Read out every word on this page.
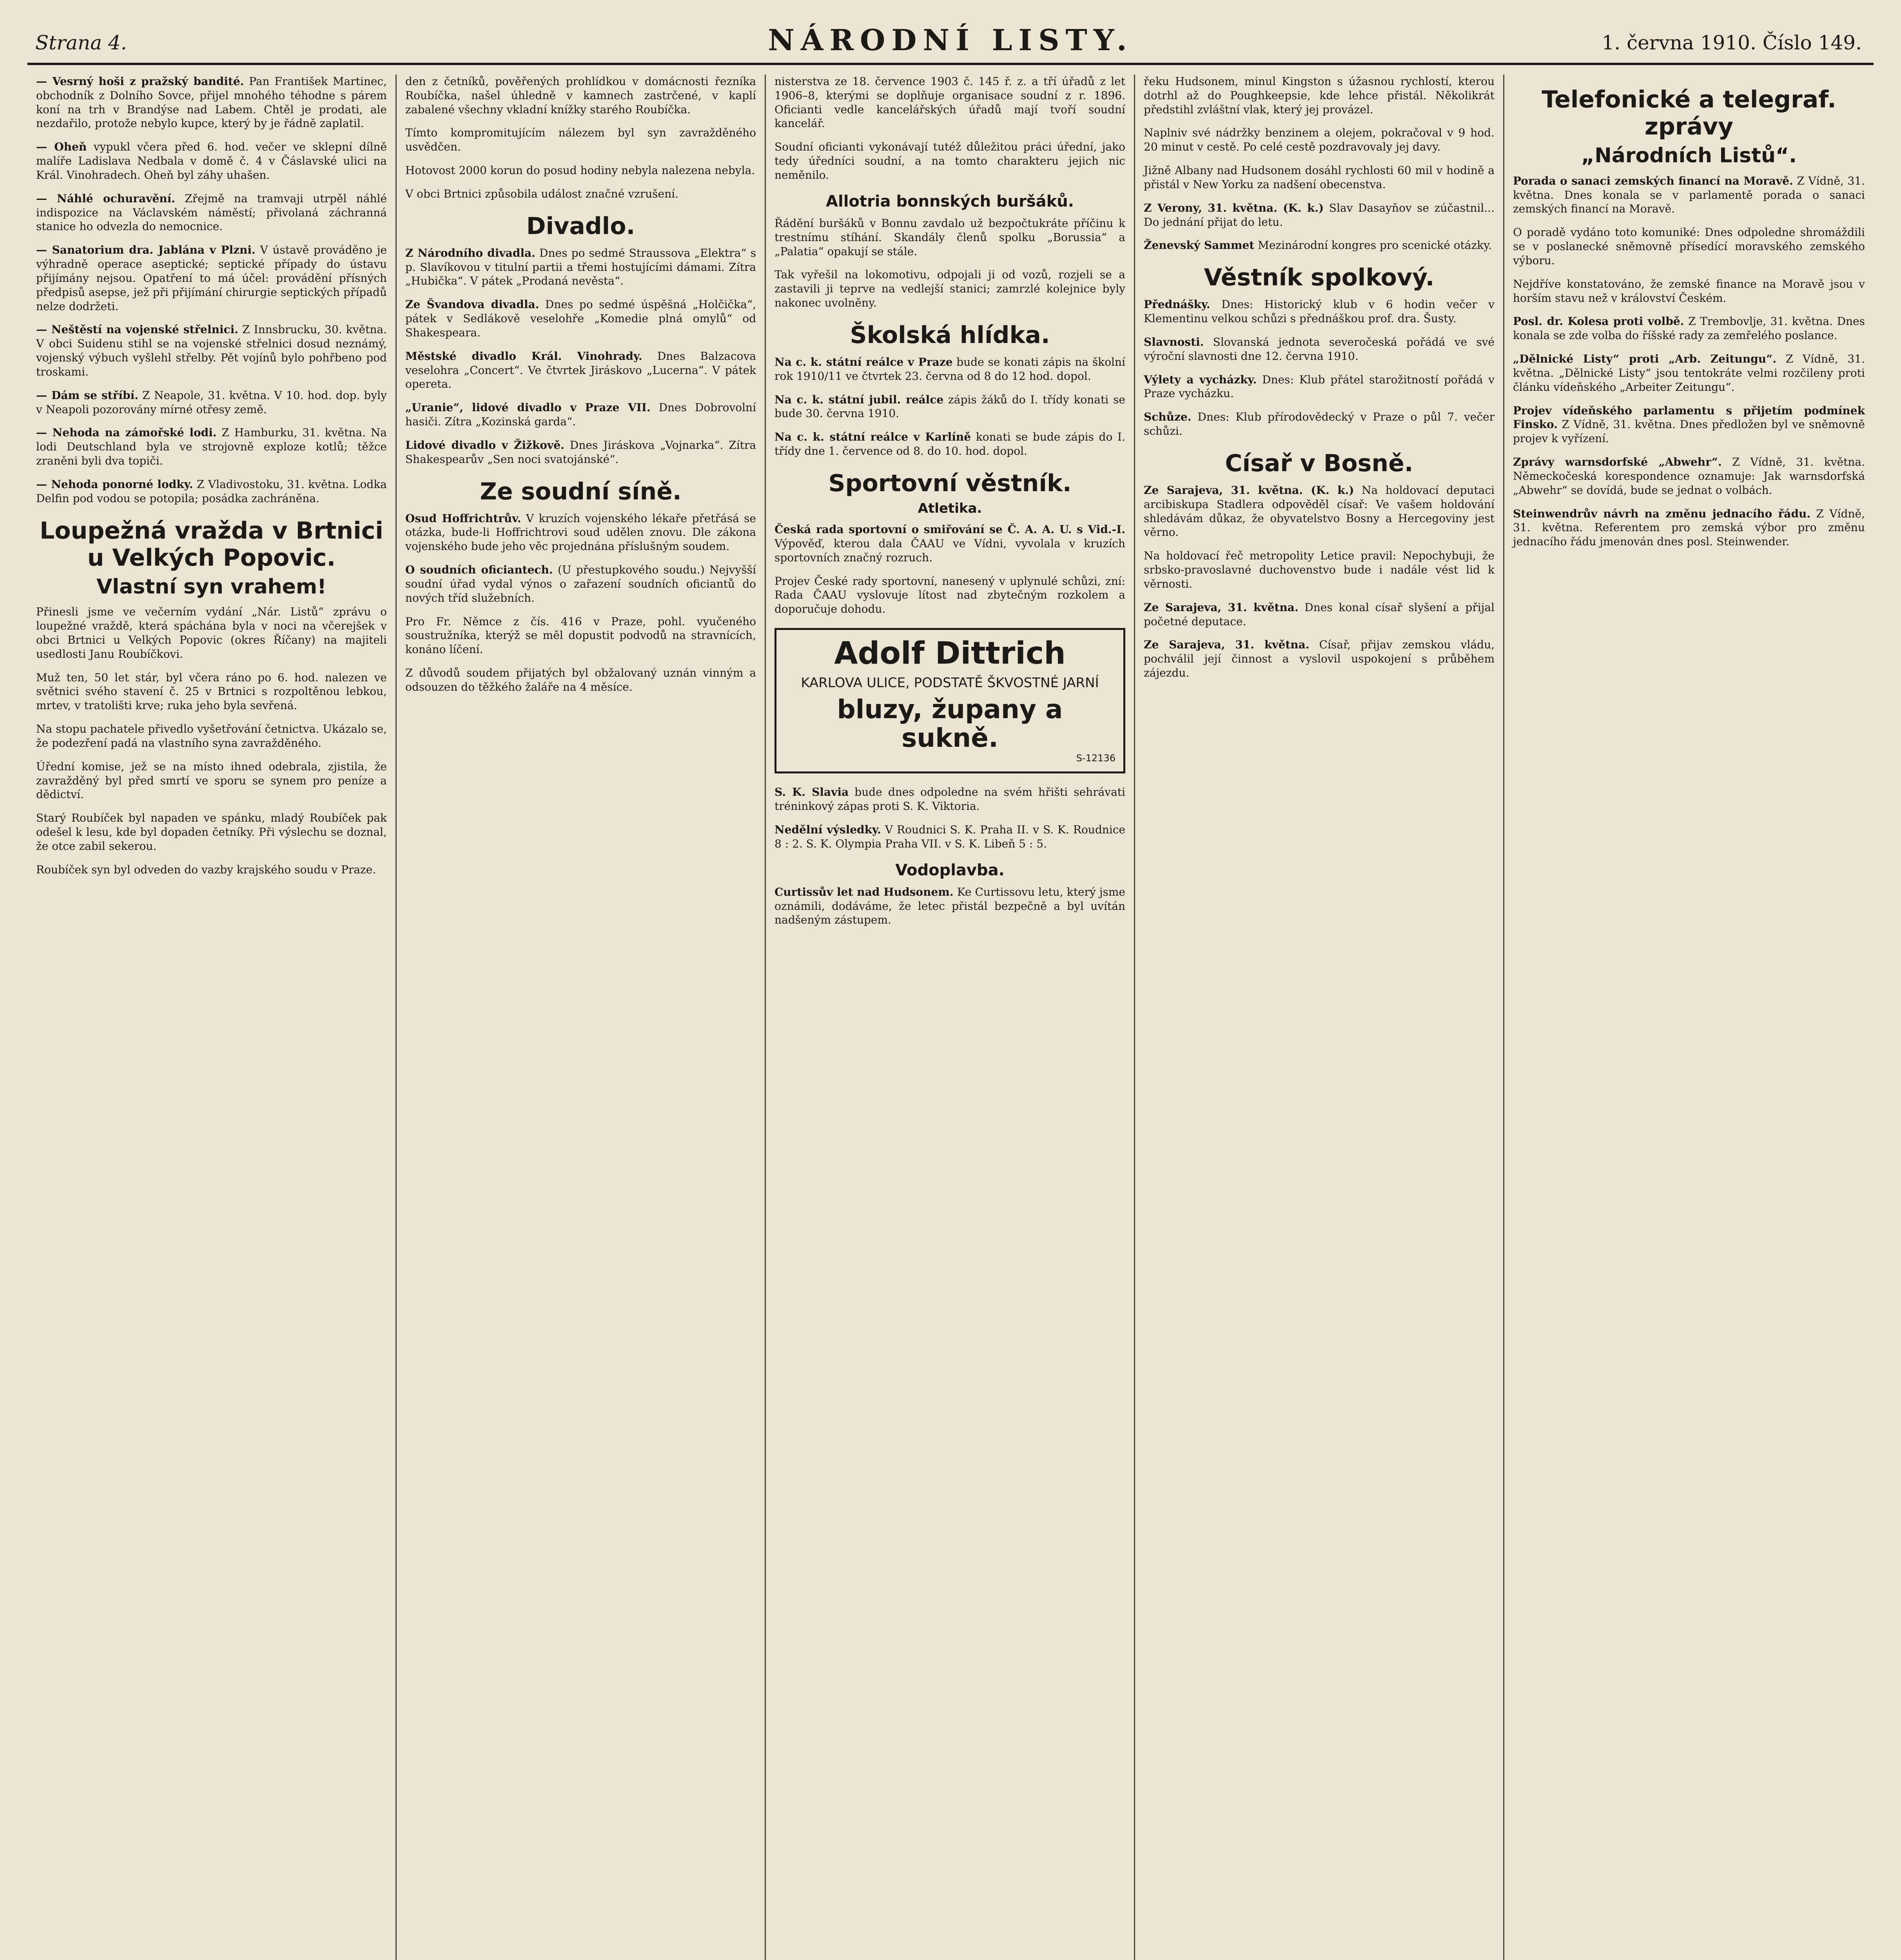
Strana 4.	NÁRODNÍ LISTY.	1. června 1910. Číslo 149.

— Vesrný hoši z pražský bandité. Pan František Martinec, obchodník z Dolního Sovce, přijel mnohého téhodne s párem koní na trh v Brandýse nad Labem. Chtěl je prodati, ale nezdařilo, protože nebylo kupce, který by je řádně zaplatil.

— Oheň vypukl včera před 6. hod. večer ve sklepní dílně malíře Ladislava Nedbala v domě č. 4 v Čáslavské ulici na Král. Vinohradech. Oheň byl záhy uhašen.

— Náhlé ochuravění. Zřejmě na tramvaji utrpěl náhlé indispozice na Václavském náměstí; přivolaná záchranná stanice ho odvezla do nemocnice.

— Sanatorium dra. Jablána v Plzni. V ústavě prováděno je výhradně operace aseptické; septické případy do ústavu přijímány nejsou. Opatření to má účel: provádění přísných předpisů asepse, jež při přijímání chirurgie septických případů nelze dodržeti.

— Neštěstí na vojenské střelnici. Z Innsbrucku, 30. května. V obci Suidenu stihl se na vojenské střelnici dosud neznámý, vojenský výbuch vyšlehl střelby. Pět vojínů bylo pohřbeno pod troskami.

— Dám se stříbí. Z Neapole, 31. května. V 10. hod. dop. byly v Neapoli pozorovány mírné otřesy země.

— Nehoda na zámořské lodi. Z Hamburku, 31. května. Na lodi Deutschland byla ve strojovně exploze kotlů; těžce zraněni byli dva topiči.

— Nehoda ponorné lodky. Z Vladivostoku, 31. května. Lodka Delfin pod vodou se potopila; posádka zachráněna.

Loupežná vražda v Brtnici u Velkých Popovic.
Vlastní syn vrahem!

Přinesli jsme ve večerním vydání „Nár. Listů“ zprávu o loupežné vraždě, která spáchána byla v noci na včerejšek v obci Brtnici u Velkých Popovic (okres Říčany) na majiteli usedlosti Janu Roubíčkovi.

Muž ten, 50 let stár, byl včera ráno po 6. hod. nalezen ve světnici svého stavení č. 25 v Brtnici s rozpoltěnou lebkou, mrtev, v tratolišti krve; ruka jeho byla sevřená.

Na stopu pachatele přivedlo vyšetřování četnictva. Ukázalo se, že podezření padá na vlastního syna zavražděného.

Úřední komise, jež se na místo ihned odebrala, zjistila, že zavražděný byl před smrtí ve sporu se synem pro peníze a dědictví.

Starý Roubíček byl napaden ve spánku, mladý Roubíček pak odešel k lesu, kde byl dopaden četníky. Při výslechu se doznal, že otce zabil sekerou.

Roubíček syn byl odveden do vazby krajského soudu v Praze.

den z četníků, pověřených prohlídkou v domácnosti řezníka Roubíčka, našel úhledně v kamnech zastrčené, v kaplí zabalené všechny vkladní knížky starého Roubíčka.

Tímto kompromitujícím nálezem byl syn zavražděného usvědčen.

Hotovost 2000 korun do posud hodiny nebyla nalezena nebyla.

V obci Brtnici způsobila událost značné vzrušení.

Divadlo.

Z Národního divadla. Dnes po sedmé Straussova „Elektra“ s p. Slavíkovou v titulní partii a třemi hostujícími dámami. Zítra „Hubička“. V pátek „Prodaná nevěsta“.

Ze Švandova divadla. Dnes po sedmé úspěšná „Holčička“, pátek v Sedlákově veselohře „Komedie plná omylů“ od Shakespeara.

Městské divadlo Král. Vinohrady. Dnes Balzacova veselohra „Concert“. Ve čtvrtek Jiráskovo „Lucerna“. V pátek opereta.

„Uranie“, lidové divadlo v Praze VII. Dnes Dobrovolní hasiči. Zítra „Kozinská garda“.

Lidové divadlo v Žižkově. Dnes Jiráskova „Vojnarka“. Zítra Shakespearův „Sen noci svatojánské“.

Ze soudní síně.

Osud Hoffrichtrův. V kruzích vojenského lékaře přetřásá se otázka, bude-li Hoffrichtrovi soud udělen znovu. Dle zákona vojenského bude jeho věc projednána příslušným soudem.

O soudních oficiantech. (U přestupkového soudu.) Nejvyšší soudní úřad vydal výnos o zařazení soudních oficiantů do nových tříd služebních.

Pro Fr. Němce z čís. 416 v Praze, pohl. vyučeného soustružníka, kterýž se měl dopustit podvodů na stravnících, konáno líčení.

Z důvodů soudem přijatých byl obžalovaný uznán vinným a odsouzen do těžkého žaláře na 4 měsíce.

nisterstva ze 18. července 1903 č. 145 ř. z. a tří úřadů z let 1906–8, kterými se doplňuje organisace soudní z r. 1896. Oficianti vedle kancelářských úřadů mají tvoří soudní kancelář.

Soudní oficianti vykonávají tutéž důležitou práci úřední, jako tedy úředníci soudní, a na tomto charakteru jejich nic neměnilo.

Allotria bonnských buršáků.

Řádění buršáků v Bonnu zavdalo už bezpočtukráte příčinu k trestnímu stíhání. Skandály členů spolku „Borussia“ a „Palatia“ opakují se stále.

Tak vyřešil na lokomotivu, odpojali ji od vozů, rozjeli se a zastavili ji teprve na vedlejší stanici; zamrzlé kolejnice byly nakonec uvolněny.

Školská hlídka.

Na c. k. státní reálce v Praze bude se konati zápis na školní rok 1910/11 ve čtvrtek 23. června od 8 do 12 hod. dopol.

Na c. k. státní jubil. reálce zápis žáků do I. třídy konati se bude 30. června 1910.

Na c. k. státní reálce v Karlíně konati se bude zápis do I. třídy dne 1. července od 8. do 10. hod. dopol.

Sportovní věstník.
Atletika.

Česká rada sportovní o smiřování se Č. A. A. U. s Vid.-I. Výpověď, kterou dala ČAAU ve Vídni, vyvolala v kruzích sportovních značný rozruch.

Projev České rady sportovní, nanesený v uplynulé schůzi, zní: Rada ČAAU vyslovuje lítost nad zbytečným rozkolem a doporučuje dohodu.

Adolf Dittrich
KARLOVA ULICE, PODSTATĚ ŠKVOSTNÉ JARNÍ
bluzy, župany a sukně.
S-12136

S. K. Slavia bude dnes odpoledne na svém hřišti sehrávati tréninkový zápas proti S. K. Viktoria.

Nedělní výsledky. V Roudnici S. K. Praha II. v S. K. Roudnice 8 : 2. S. K. Olympia Praha VII. v S. K. Libeň 5 : 5.

Vodoplavba.

Curtissův let nad Hudsonem. Ke Curtissovu letu, který jsme oznámili, dodáváme, že letec přistál bezpečně a byl uvítán nadšeným zástupem.

řeku Hudsonem, minul Kingston s úžasnou rychlostí, kterou dotrhl až do Poughkeepsie, kde lehce přistál. Několikrát předstihl zvláštní vlak, který jej provázel.

Naplniv své nádržky benzinem a olejem, pokračoval v 9 hod. 20 minut v cestě. Po celé cestě pozdravovaly jej davy.

Jižně Albany nad Hudsonem dosáhl rychlosti 60 mil v hodině a přistál v New Yorku za nadšení obecenstva.

Z Verony, 31. května. (K. k.) Slav Dasayňov se zúčastnil... Do jednání přijat do letu.

Ženevský Sammet Mezinárodní kongres pro scenické otázky.

Věstník spolkový.

Přednášky. Dnes: Historický klub v 6 hodin večer v Klementinu velkou schůzi s přednáškou prof. dra. Šusty.

Slavnosti. Slovanská jednota severočeská pořádá ve své výroční slavnosti dne 12. června 1910.

Výlety a vycházky. Dnes: Klub přátel starožitností pořádá v Praze vycházku.

Schůze. Dnes: Klub přírodovědecký v Praze o půl 7. večer schůzi.

Císař v Bosně.

Ze Sarajeva, 31. května. (K. k.) Na holdovací deputaci arcibiskupa Stadlera odpověděl císař: Ve vašem holdování shledávám důkaz, že obyvatelstvo Bosny a Hercegoviny jest věrno.

Na holdovací řeč metropolity Letice pravil: Nepochybuji, že srbsko-pravoslavné duchovenstvo bude i nadále vést lid k věrnosti.

Ze Sarajeva, 31. května. Dnes konal císař slyšení a přijal početné deputace.

Ze Sarajeva, 31. května. Císař, přijav zemskou vládu, pochválil její činnost a vyslovil uspokojení s průběhem zájezdu.

Telefonické a telegraf. zprávy
„Národních Listů“.

Porada o sanaci zemských financí na Moravě. Z Vídně, 31. května. Dnes konala se v parlamentě porada o sanaci zemských financí na Moravě.

O poradě vydáno toto komuniké: Dnes odpoledne shromáždili se v poslanecké sněmovně přísedící moravského zemského výboru.

Nejdříve konstatováno, že zemské finance na Moravě jsou v horším stavu než v království Českém.

Posl. dr. Kolesa proti volbě. Z Trembovlje, 31. května. Dnes konala se zde volba do říšské rady za zemřelého poslance.

„Dělnické Listy“ proti „Arb. Zeitungu“. Z Vídně, 31. května. „Dělnické Listy“ jsou tentokráte velmi rozčileny proti článku vídeňského „Arbeiter Zeitungu“.

Projev vídeňského parlamentu s přijetím podmínek Finsko. Z Vídně, 31. května. Dnes předložen byl ve sněmovně projev k vyřízení.

Zprávy warnsdorfské „Abwehr“. Z Vídně, 31. května. Německočeská korespondence oznamuje: Jak warnsdorfská „Abwehr“ se dovídá, bude se jednat o volbách.

Steinwendrův návrh na změnu jednacího řádu. Z Vídně, 31. května. Referentem pro zemská výbor pro změnu jednacího řádu jmenován dnes posl. Steinwender.
